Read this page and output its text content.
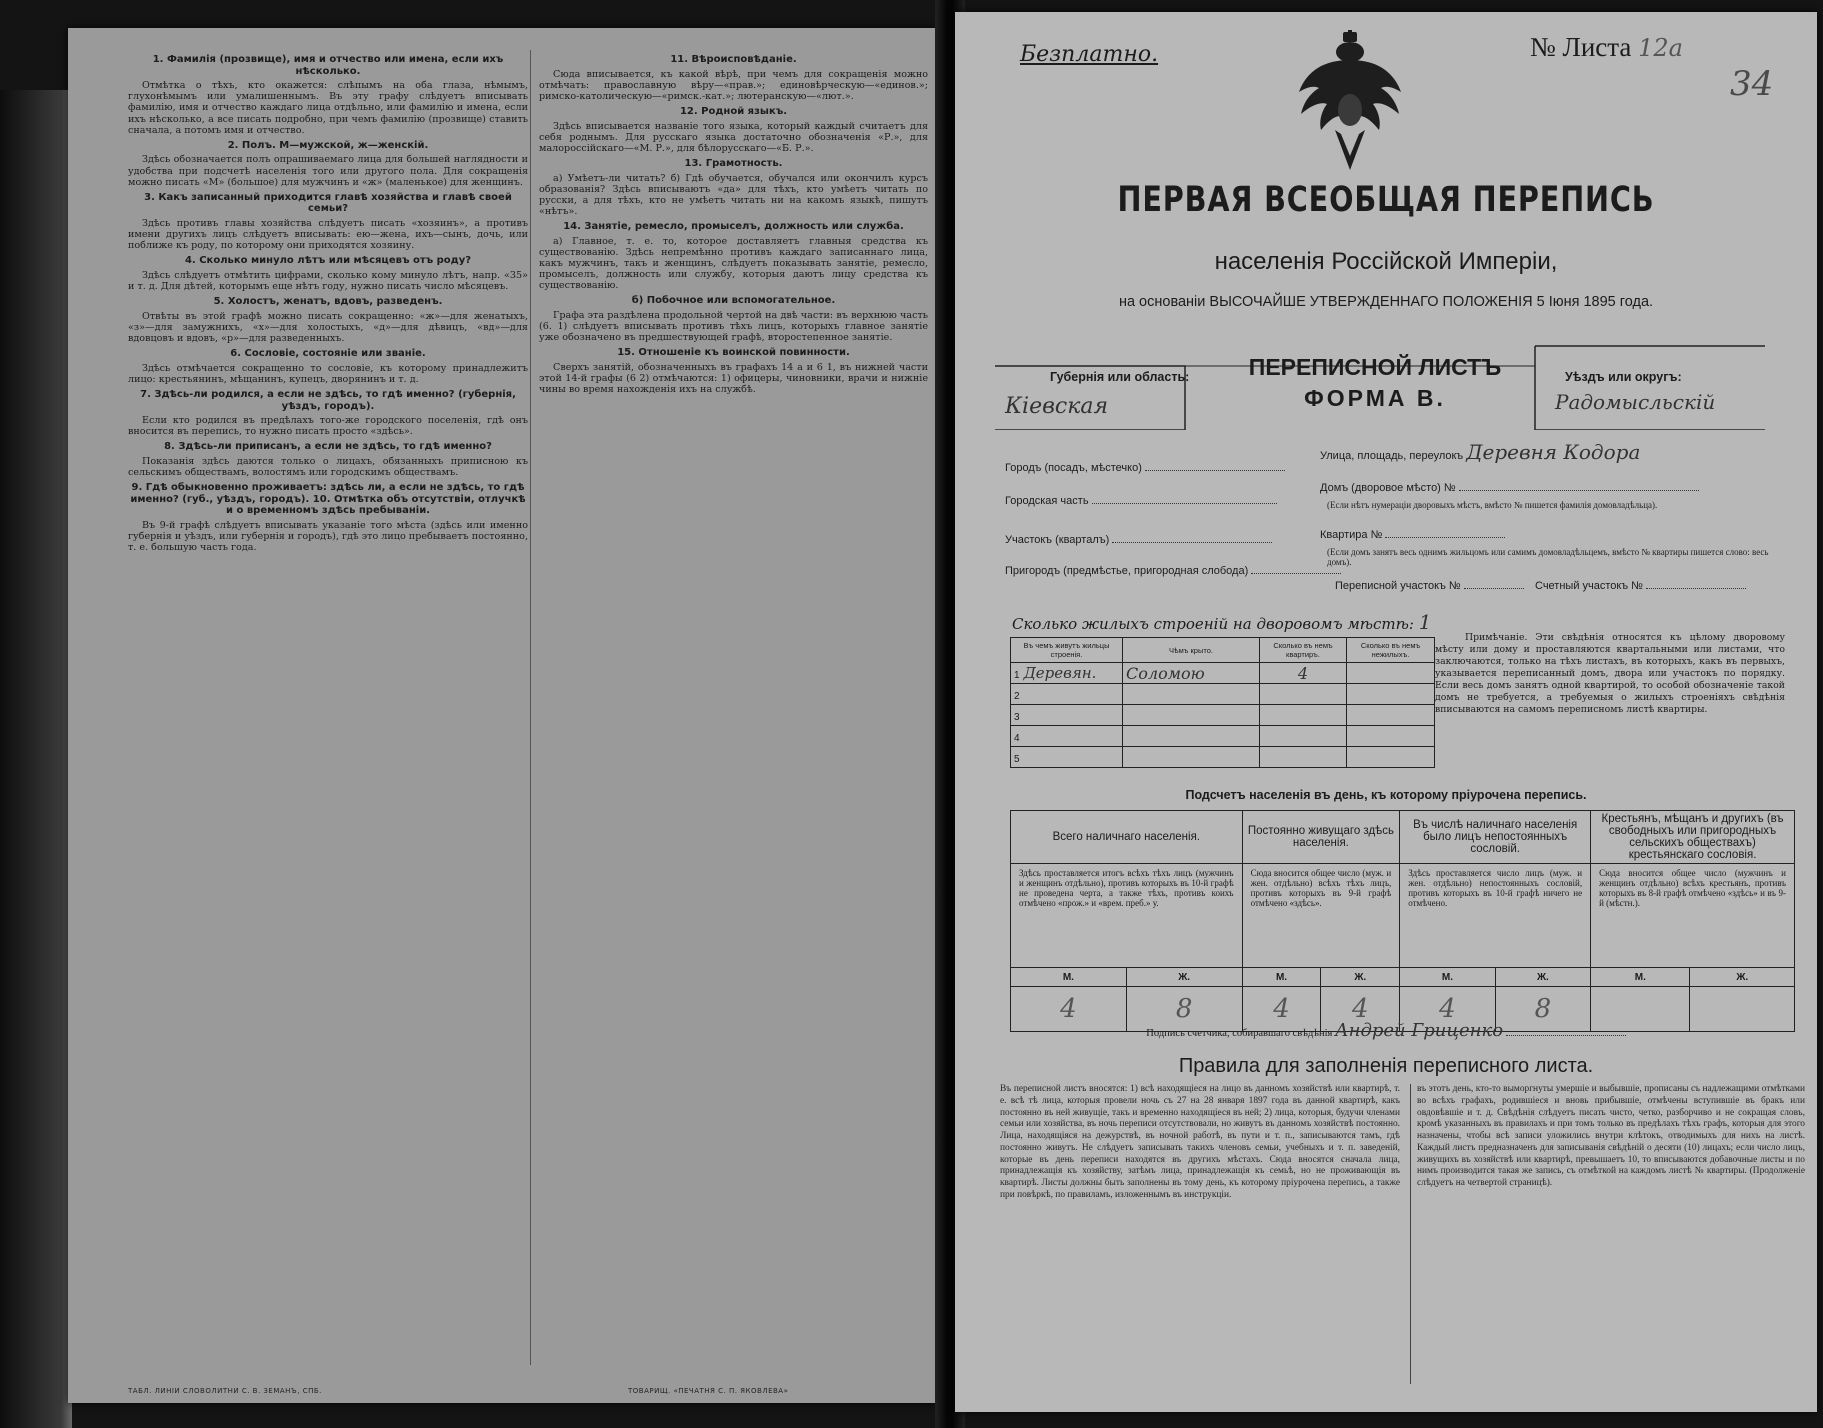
1. Фамилія (прозвище), имя и отчество или имена, если ихъ нѣсколько.
Отмѣтка о тѣхъ, кто окажется: слѣпымъ на оба глаза, нѣмымъ, глухонѣмымъ или умалишеннымъ. Въ эту графу слѣдуетъ вписывать фамилію, имя и отчество каждаго лица отдѣльно, или фамилію и имена, если ихъ нѣсколько, а все писать подробно, при чемъ фамилію (прозвище) ставить сначала, а потомъ имя и отчество.
2. Полъ. М—мужской, ж—женскій.
Здѣсь обозначается полъ опрашиваемаго лица для большей наглядности и удобства при подсчетѣ населенія того или другого пола. Для сокращенія можно писать «М» (большое) для мужчинъ и «ж» (маленькое) для женщинъ.
3. Какъ записанный приходится главѣ хозяйства и главѣ своей семьи?
Здѣсь противъ главы хозяйства слѣдуетъ писать «хозяинъ», а противъ имени другихъ лицъ слѣдуетъ вписывать: ею—жена, ихъ—сынъ, дочь, или поближе къ роду, по которому они приходятся хозяину.
4. Сколько минуло лѣтъ или мѣсяцевъ отъ роду?
Здѣсь слѣдуетъ отмѣтить цифрами, сколько кому минуло лѣтъ, напр. «35» и т. д. Для дѣтей, которымъ еще нѣтъ году, нужно писать число мѣсяцевъ.
5. Холостъ, женатъ, вдовъ, разведенъ.
Отвѣты въ этой графѣ можно писать сокращенно: «ж»—для женатыхъ, «з»—для замужнихъ, «х»—для холостыхъ, «д»—для дѣвицъ, «вд»—для вдовцовъ и вдовъ, «р»—для разведенныхъ.
6. Сословіе, состояніе или званіе.
Здѣсь отмѣчается сокращенно то сословіе, къ которому принадлежитъ лицо: крестьянинъ, мѣщанинъ, купецъ, дворянинъ и т. д.
7. Здѣсь-ли родился, а если не здѣсь, то гдѣ именно? (губернія, уѣздъ, городъ).
Если кто родился въ предѣлахъ того-же городского поселенія, гдѣ онъ вносится въ перепись, то нужно писать просто «здѣсь».
8. Здѣсь-ли приписанъ, а если не здѣсь, то гдѣ именно?
Показанія здѣсь даются только о лицахъ, обязанныхъ приписною къ сельскимъ обществамъ, волостямъ или городскимъ обществамъ.
9. Гдѣ обыкновенно проживаетъ: здѣсь ли, а если не здѣсь, то гдѣ именно? (губ., уѣздъ, городъ). 10. Отмѣтка объ отсутствіи, отлучкѣ и о временномъ здѣсь пребываніи.
Въ 9-й графѣ слѣдуетъ вписывать указаніе того мѣста (здѣсь или именно губернія и уѣздъ, или губернія и городъ), гдѣ это лицо пребываетъ постоянно, т. е. большую часть года.
11. Вѣроисповѣданіе.
Сюда вписывается, къ какой вѣрѣ, при чемъ для сокращенія можно отмѣчать: православную вѣру—«прав.»; единовѣрческую—«единов.»; римско-католическую—«римск.-кат.»; лютеранскую—«лют.».
12. Родной языкъ.
Здѣсь вписывается названіе того языка, который каждый считаетъ для себя роднымъ. Для русскаго языка достаточно обозначенія «Р.», для малороссійскаго—«М. Р.», для бѣлорусскаго—«Б. Р.».
13. Грамотность.
а) Умѣетъ-ли читать? б) Гдѣ обучается, обучался или окончилъ курсъ образованія? Здѣсь вписываютъ «да» для тѣхъ, кто умѣетъ читать по русски, а для тѣхъ, кто не умѣетъ читать ни на какомъ языкѣ, пишутъ «нѣтъ».
14. Занятіе, ремесло, промыселъ, должность или служба.
а) Главное, т. е. то, которое доставляетъ главныя средства къ существованію. Здѣсь непремѣнно противъ каждаго записаннаго лица, какъ мужчинъ, такъ и женщинъ, слѣдуетъ показывать занятіе, ремесло, промыселъ, должность или службу, которыя даютъ лицу средства къ существованію.
б) Побочное или вспомогательное.
Графа эта раздѣлена продольной чертой на двѣ части: въ верхнюю часть (6. 1) слѣдуетъ вписывать противъ тѣхъ лицъ, которыхъ главное занятіе уже обозначено въ предшествующей графѣ, второстепенное занятіе.
15. Отношеніе къ воинской повинности.
Сверхъ занятій, обозначенныхъ въ графахъ 14 а и 6 1, въ нижней части этой 14-й графы (6 2) отмѣчаются: 1) офицеры, чиновники, врачи и нижніе чины во время нахожденія ихъ на службѣ.
ТАБЛ. ЛИНІИ СЛОВОЛИТНИ С. В. ЗЕМАНЪ, СПБ.	ТОВАРИЩ. «ПЕЧАТНЯ С. П. ЯКОВЛЕВА»
Безплатно.	№ Листа 12а
34
ПЕРВАЯ ВСЕОБЩАЯ ПЕРЕПИСЬ
населенія Россійской Имперіи,
на основаніи ВЫСОЧАЙШЕ УТВЕРЖДЕННАГО ПОЛОЖЕНІЯ 5 Іюня 1895 года.
Губернія или область:
Кіевская
ПЕРЕПИСНОЙ ЛИСТЪ
ФОРМА В.
Уѣздъ или округъ:
Радомысльскій
Городъ (посадъ, мѣстечко)
Городская часть
Участокъ (кварталъ)
Пригородъ (предмѣстье, пригородная слобода)
Улица, площадь, переулокъ Деревня Кодора
Домъ (дворовое мѣсто) №
(Если нѣтъ нумераціи дворовыхъ мѣстъ, вмѣсто № пишется фамилія домовладѣльца).
Квартира №
(Если домъ занятъ весь однимъ жильцомъ или самимъ домовладѣльцемъ, вмѣсто № квартиры пишется слово: весь домъ).
Переписной участокъ №	Счетный участокъ №
Сколько жилыхъ строеній на дворовомъ мѣстѣ: 1
Въ чемъ живутъ жильцы строенія.	Чѣмъ крыто.	Сколько въ немъ квартиръ.	Сколько въ немъ нежилыхъ.
1 Деревян.	Соломою	4	
2			
3			
4			
5			
Примѣчаніе. Эти свѣдѣнія относятся къ цѣлому дворовому мѣсту или дому и проставляются квартальными или листами, что заключаются, только на тѣхъ листахъ, въ которыхъ, какъ въ первыхъ, указывается переписанный домъ, двора или участокъ по порядку. Если весь домъ занятъ одной квартирой, то особой обозначеніе такой домъ не требуется, а требуемыя о жилыхъ строеніяхъ свѣдѣнія вписываются на самомъ переписномъ листѣ квартиры.
Подсчетъ населенія въ день, къ которому пріурочена перепись.
Всего наличнаго населенія.		Постоянно живущаго здѣсь населенія.		Въ числѣ наличнаго населенія было лицъ непостоянныхъ сословій.		Крестьянъ, мѣщанъ и другихъ (въ свободныхъ или пригородныхъ сельскихъ обществахъ) крестьянскаго сословія.	
Здѣсь проставляется итогъ всѣхъ тѣхъ лицъ (мужчинъ и женщинъ отдѣльно), противъ которыхъ въ 10-й графѣ не проведена черта, а также тѣхъ, противъ коихъ отмѣчено «прож.» и «врем. преб.» у.		Сюда вносится общее число (муж. и жен. отдѣльно) всѣхъ тѣхъ лицъ, противъ которыхъ въ 9-й графѣ отмѣчено «здѣсь».		Здѣсь проставляется число лицъ (муж. и жен. отдѣльно) непостоянныхъ сословій, противъ которыхъ въ 10-й графѣ ничего не отмѣчено.		Сюда вносится общее число (мужчинъ и женщинъ отдѣльно) всѣхъ крестьянъ, противъ которыхъ въ 8-й графѣ отмѣчено «здѣсь» и въ 9-й (мѣстн.).	
М.	Ж.	М.	Ж.	М.	Ж.	М.	Ж.
4	8	4	4	4	8		
Подпись счетчика, собиравшаго свѣдѣнія Андрей Гриценко
Правила для заполненія переписного листа.
Въ переписной листъ вносятся: 1) всѣ находящіеся на лицо въ данномъ хозяйствѣ или квартирѣ, т. е. всѣ тѣ лица, которыя провели ночь съ 27 на 28 января 1897 года въ данной квартирѣ, какъ постоянно въ ней живущіе, такъ и временно находящіеся въ ней; 2) лица, которыя, будучи членами семьи или хозяйства, въ ночь переписи отсутствовали, но живутъ въ данномъ хозяйствѣ постоянно. Лица, находящіяся на дежурствѣ, въ ночной работѣ, въ пути и т. п., записываются тамъ, гдѣ постоянно живутъ. Не слѣдуетъ записывать такихъ членовъ семьи, учебныхъ и т. п. заведеній, которые въ день переписи находятся въ другихъ мѣстахъ. Сюда вносятся сначала лица, принадлежащія къ хозяйству, затѣмъ лица, принадлежащія къ семьѣ, но не проживающія въ квартирѣ. Листы должны быть заполнены въ тому день, къ которому пріурочена перепись, а также при повѣркѣ, по правиламъ, изложеннымъ въ инструкціи.
въ этотъ день, кто-то выморгнуты умершіе и выбывшіе, прописаны съ надлежащими отмѣтками во всѣхъ графахъ, родившіеся и вновь прибывшіе, отмѣчены вступившіе въ бракъ или овдовѣвшіе и т. д. Свѣдѣнія слѣдуетъ писать чисто, четко, разборчиво и не сокращая словъ, кромѣ указанныхъ въ правилахъ и при томъ только въ предѣлахъ тѣхъ графъ, которыя для этого назначены, чтобы всѣ записи уложились внутри клѣтокъ, отводимыхъ для нихъ на листѣ. Каждый листъ предназначенъ для записыванія свѣдѣній о десяти (10) лицахъ; если число лицъ, живущихъ въ хозяйствѣ или квартирѣ, превышаетъ 10, то вписываются добавочные листы и по нимъ производится такая же запись, съ отмѣткой на каждомъ листѣ № квартиры. (Продолженіе слѣдуетъ на четвертой страницѣ).
